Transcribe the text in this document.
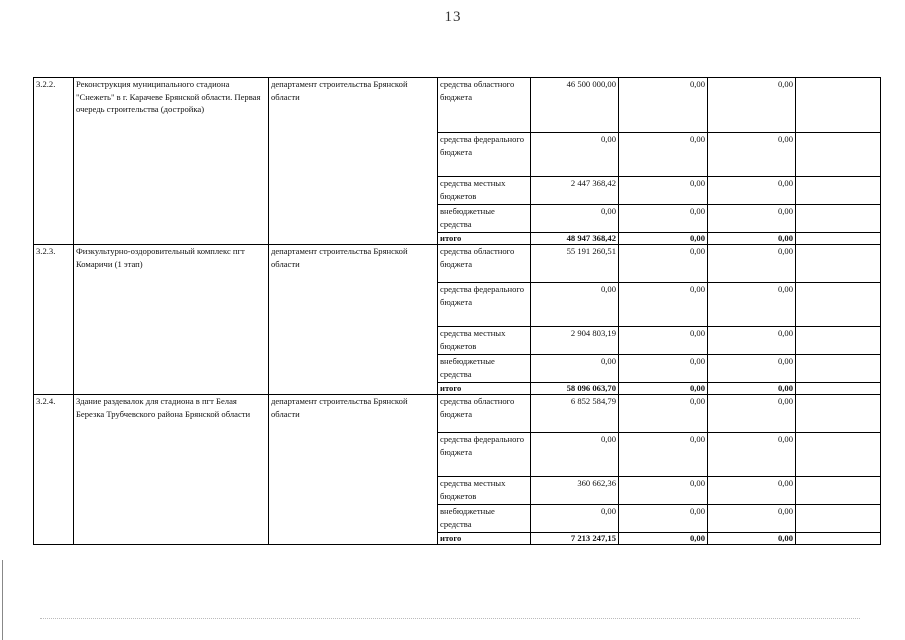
13
3.2.2.	Реконструкция муниципального стадиона "Снежеть" в г. Карачеве Брянской области. Первая очередь строительства (достройка)	департамент строительства Брянской области	средства областного бюджета	46 500 000,00	0,00	0,00	
			средства федерального бюджета	0,00	0,00	0,00	
			средства местных бюджетов	2 447 368,42	0,00	0,00	
			внебюджетные средства	0,00	0,00	0,00	
			итого	48 947 368,42	0,00	0,00	
3.2.3.	Физкультурно-оздоровительный комплекс пгт Комаричи (1 этап)	департамент строительства Брянской области	средства областного бюджета	55 191 260,51	0,00	0,00	
			средства федерального бюджета	0,00	0,00	0,00	
			средства местных бюджетов	2 904 803,19	0,00	0,00	
			внебюджетные средства	0,00	0,00	0,00	
			итого	58 096 063,70	0,00	0,00	
3.2.4.	Здание раздевалок для стадиона в пгт Белая Березка Трубчевского района Брянской области	департамент строительства Брянской области	средства областного бюджета	6 852 584,79	0,00	0,00	
			средства федерального бюджета	0,00	0,00	0,00	
			средства местных бюджетов	360 662,36	0,00	0,00	
			внебюджетные средства	0,00	0,00	0,00	
			итого	7 213 247,15	0,00	0,00	
